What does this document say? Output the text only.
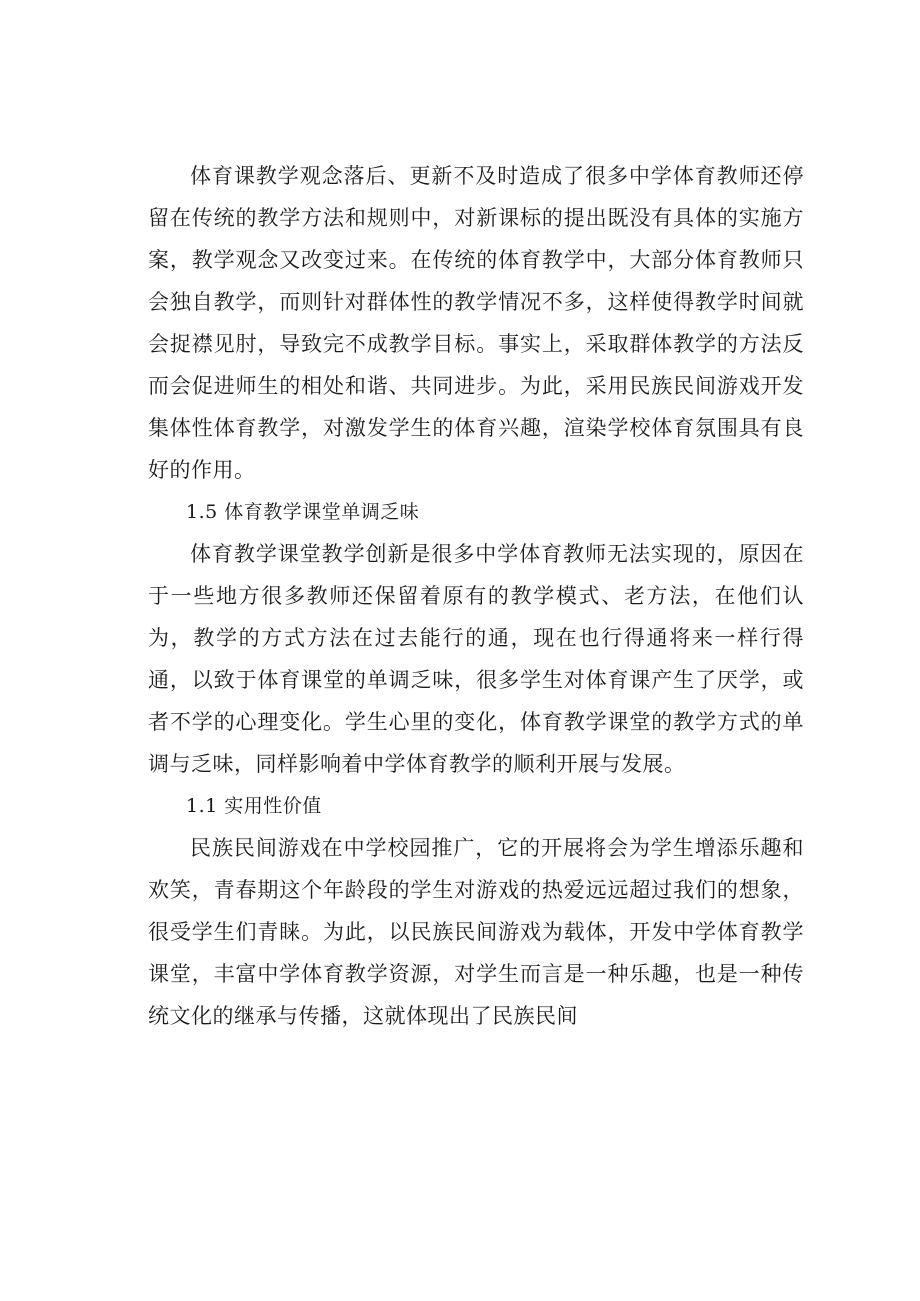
体育课教学观念落后、更新不及时造成了很多中学体育教师还停留在传统的教学方法和规则中，对新课标的提出既没有具体的实施方案，教学观念又改变过来。在传统的体育教学中，大部分体育教师只会独自教学，而则针对群体性的教学情况不多，这样使得教学时间就会捉襟见肘，导致完不成教学目标。事实上，采取群体教学的方法反而会促进师生的相处和谐、共同进步。为此，采用民族民间游戏开发集体性体育教学，对激发学生的体育兴趣，渲染学校体育氛围具有良好的作用。

1.5 体育教学课堂单调乏味

体育教学课堂教学创新是很多中学体育教师无法实现的，原因在于一些地方很多教师还保留着原有的教学模式、老方法，在他们认为，教学的方式方法在过去能行的通，现在也行得通将来一样行得通，以致于体育课堂的单调乏味，很多学生对体育课产生了厌学，或者不学的心理变化。学生心里的变化，体育教学课堂的教学方式的单调与乏味，同样影响着中学体育教学的顺利开展与发展。

1.1 实用性价值

民族民间游戏在中学校园推广，它的开展将会为学生增添乐趣和欢笑，青春期这个年龄段的学生对游戏的热爱远远超过我们的想象，很受学生们青睐。为此，以民族民间游戏为载体，开发中学体育教学课堂，丰富中学体育教学资源，对学生而言是一种乐趣，也是一种传统文化的继承与传播，这就体现出了民族民间
